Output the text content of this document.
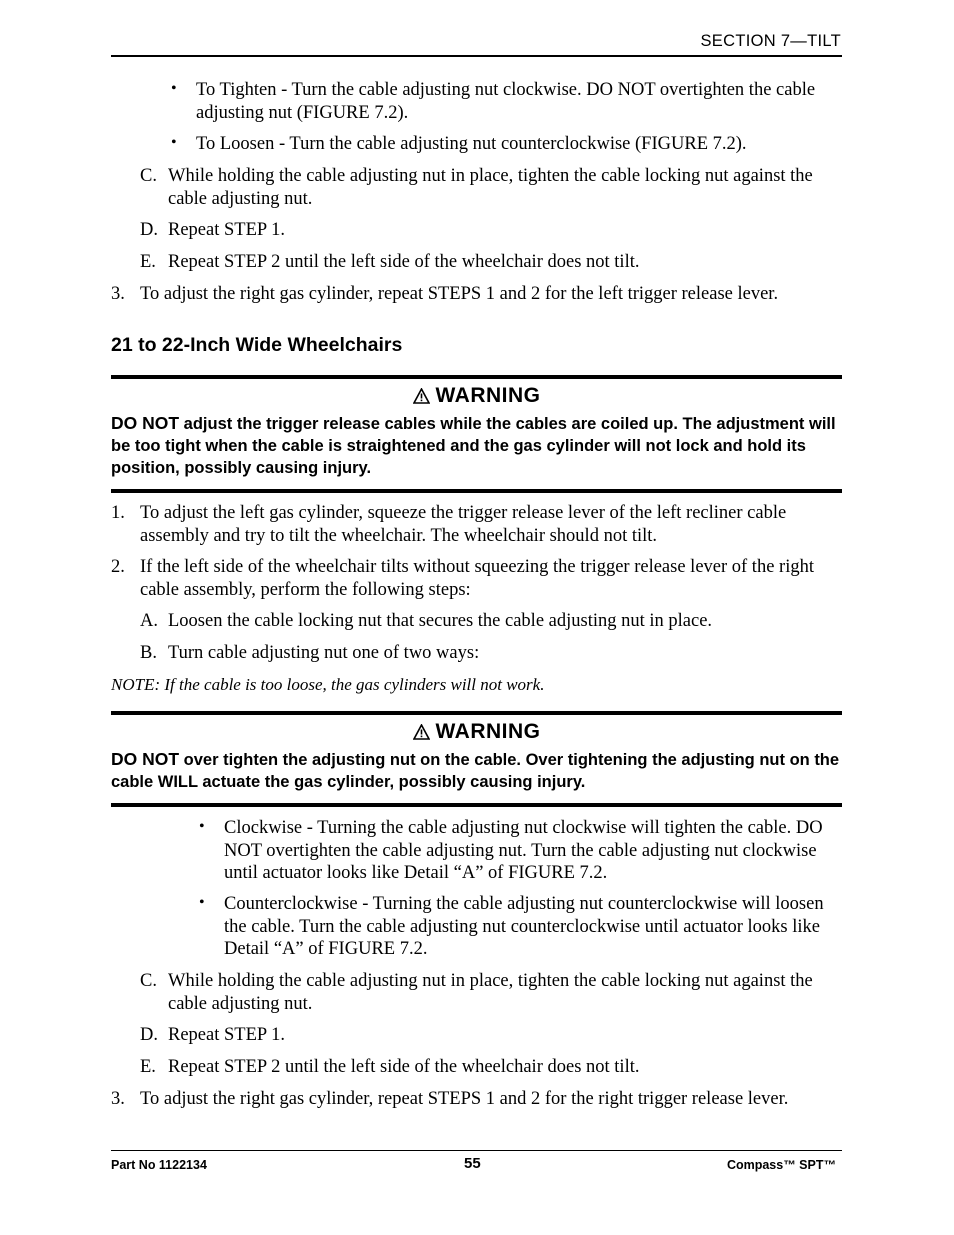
SECTION 7—TILT
• To Tighten - Turn the cable adjusting nut clockwise. DO NOT overtighten the cable adjusting nut (FIGURE 7.2).
• To Loosen - Turn the cable adjusting nut counterclockwise (FIGURE 7.2).
C. While holding the cable adjusting nut in place, tighten the cable locking nut against the cable adjusting nut.
D. Repeat STEP 1.
E. Repeat STEP 2 until the left side of the wheelchair does not tilt.
3. To adjust the right gas cylinder, repeat STEPS 1 and 2 for the left trigger release lever.
21 to 22-Inch Wide Wheelchairs
WARNING
DO NOT adjust the trigger release cables while the cables are coiled up. The adjustment will be too tight when the cable is straightened and the gas cylinder will not lock and hold its position, possibly causing injury.
1. To adjust the left gas cylinder, squeeze the trigger release lever of the left recliner cable assembly and try to tilt the wheelchair. The wheelchair should not tilt.
2. If the left side of the wheelchair tilts without squeezing the trigger release lever of the right cable assembly, perform the following steps:
A. Loosen the cable locking nut that secures the cable adjusting nut in place.
B. Turn cable adjusting nut one of two ways:
NOTE: If the cable is too loose, the gas cylinders will not work.
WARNING
DO NOT over tighten the adjusting nut on the cable. Over tightening the adjusting nut on the cable WILL actuate the gas cylinder, possibly causing injury.
• Clockwise - Turning the cable adjusting nut clockwise will tighten the cable. DO NOT overtighten the cable adjusting nut. Turn the cable adjusting nut clockwise until actuator looks like Detail “A” of FIGURE 7.2.
• Counterclockwise - Turning the cable adjusting nut counterclockwise will loosen the cable. Turn the cable adjusting nut counterclockwise until actuator looks like Detail “A” of FIGURE 7.2.
C. While holding the cable adjusting nut in place, tighten the cable locking nut against the cable adjusting nut.
D. Repeat STEP 1.
E. Repeat STEP 2 until the left side of the wheelchair does not tilt.
3. To adjust the right gas cylinder, repeat STEPS 1 and 2 for the right trigger release lever.
Part No 1122134	55	Compass™ SPT™
